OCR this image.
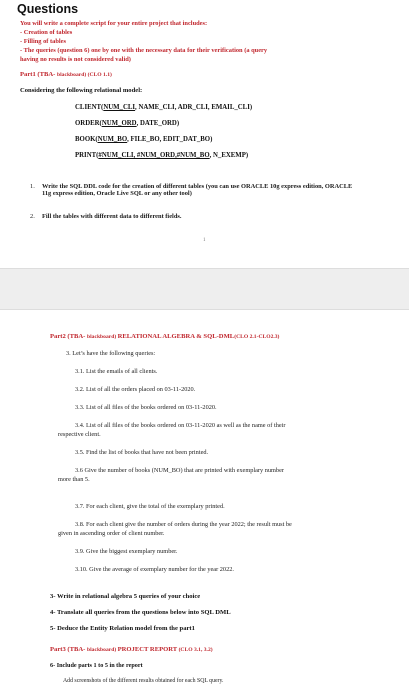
Questions
You will write a complete script for your entire project that includes:
- Creation of tables
- Filling of tables
- The queries (question 6) one by one with the necessary data for their verification (a query
having no results is not considered valid)
Part1 (TBA- blackboard) (CLO 1.1)
Considering the following relational model:
CLIENT(NUM_CLI, NAME_CLI, ADR_CLI, EMAIL_CLI)
ORDER(NUM_ORD, DATE_ORD)
BOOK(NUM_BO, FILE_BO, EDIT_DAT_BO)
PRINT(#NUM_CLI, #NUM_ORD,#NUM_BO, N_EXEMP)
1. Write the SQL DDL code for the creation of different tables (you can use ORACLE 10g express edition, ORACLE 11g express edition, Oracle Live SQL or any other tool)
2. Fill the tables with different data to different fields.
1
Part2 (TBA- blackboard) RELATIONAL ALGEBRA & SQL-DML(CLO 2.1-CLO2.3)
3. Let’s have the following queries:
3.1. List the emails of all clients.
3.2. List of all the orders placed on 03-11-2020.
3.3. List of all files of the books ordered on 03-11-2020.
3.4. List of all files of the books ordered on 03-11-2020 as well as the name of their
respective client.
3.5. Find the list of books that have not been printed.
3.6 Give the number of books (NUM_BO) that are printed with exemplary number
more than 5.
3.7. For each client, give the total of the exemplary printed.
3.8. For each client give the number of orders during the year 2022; the result must be
given in ascending order of client number.
3.9. Give the biggest exemplary number.
3.10. Give the average of exemplary number for the year 2022.
3- Write in relational algebra 5 queries of your choice
4- Translate all queries from the questions below into SQL DML
5- Deduce the Entity Relation model from the part1
Part3 (TBA- blackboard) PROJECT REPORT (CLO 3.1, 3.2)
6- Include parts 1 to 5 in the report
Add screenshots of the different results obtained for each SQL query.
